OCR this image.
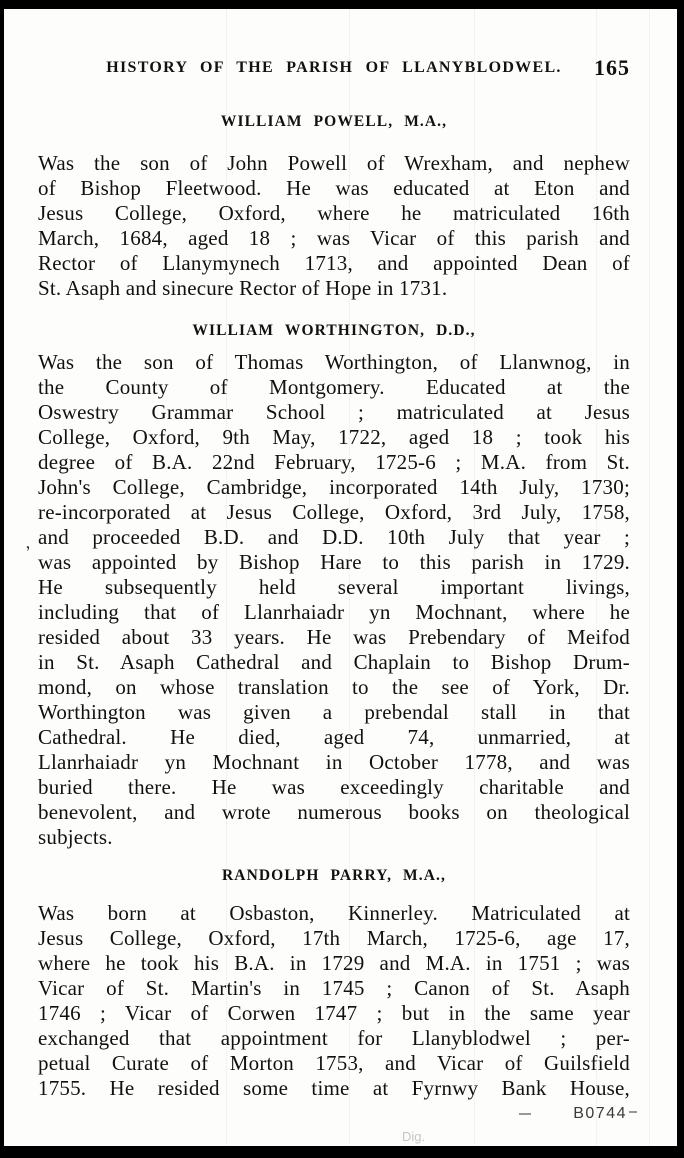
HISTORY OF THE PARISH OF LLANYBLODWEL.	165
WILLIAM POWELL, M.A.,
Was the son of John Powell of Wrexham, and nephew
of Bishop Fleetwood. He was educated at Eton and
Jesus College, Oxford, where he matriculated 16th
March, 1684, aged 18 ; was Vicar of this parish and
Rector of Llanymynech 1713, and appointed Dean of
St. Asaph and sinecure Rector of Hope in 1731.
WILLIAM WORTHINGTON, D.D.,
Was the son of Thomas Worthington, of Llanwnog, in
the County of Montgomery. Educated at the
Oswestry Grammar School ; matriculated at Jesus
College, Oxford, 9th May, 1722, aged 18 ; took his
degree of B.A. 22nd February, 1725-6 ; M.A. from St.
John's College, Cambridge, incorporated 14th July, 1730;
re-incorporated at Jesus College, Oxford, 3rd July, 1758,
and proceeded B.D. and D.D. 10th July that year ;
was appointed by Bishop Hare to this parish in 1729.
He subsequently held several important livings,
including that of Llanrhaiadr yn Mochnant, where he
resided about 33 years. He was Prebendary of Meifod
in St. Asaph Cathedral and Chaplain to Bishop Drum-
mond, on whose translation to the see of York, Dr.
Worthington was given a prebendal stall in that
Cathedral. He died, aged 74, unmarried, at
Llanrhaiadr yn Mochnant in October 1778, and was
buried there. He was exceedingly charitable and
benevolent, and wrote numerous books on theological
subjects.
RANDOLPH PARRY, M.A.,
Was born at Osbaston, Kinnerley. Matriculated at
Jesus College, Oxford, 17th March, 1725-6, age 17,
where he took his B.A. in 1729 and M.A. in 1751 ; was
Vicar of St. Martin's in 1745 ; Canon of St. Asaph
1746 ; Vicar of Corwen 1747 ; but in the same year
exchanged that appointment for Llanyblodwel ; per-
petual Curate of Morton 1753, and Vicar of Guilsfield
1755. He resided some time at Fyrnwy Bank House,
‚
B0744
Dig.
